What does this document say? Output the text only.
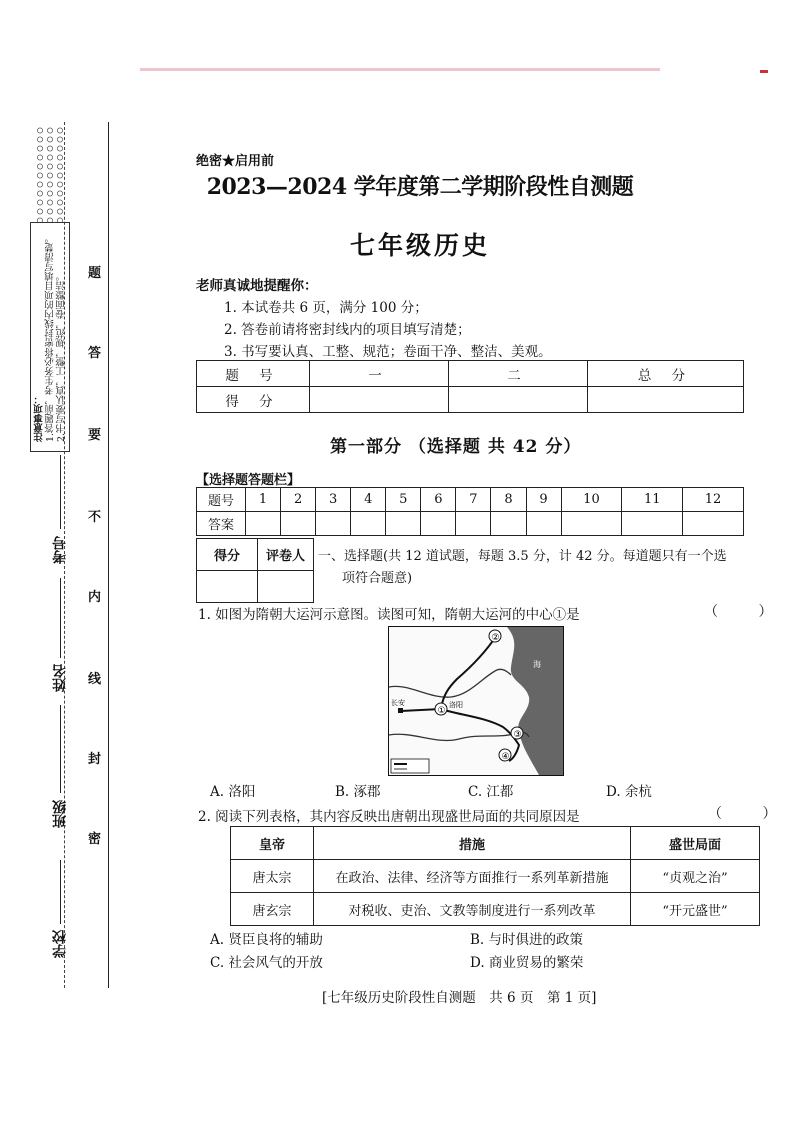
注意事项：
1.答题前，考生务必将密封线内的项目填写清楚。
2.书写要认真，工整，规范，卷面整洁。
学校
班级
姓名
考号
密
封
线
内
不
要
答
题
绝密★启用前
2023—2024 学年度第二学期阶段性自测题
七年级历史
老师真诚地提醒你：
1. 本试卷共 6 页，满分 100 分；
2. 答卷前请将密封线内的项目填写清楚；
3. 书写要认真、工整、规范；卷面干净、整洁、美观。
题 号	一	二	总 分
得 分			
第一部分 （选择题 共 42 分）
【选择题答题栏】
题号	1	2	3	4	5	6	7	8	9	10	11	12
答案												
得分	评卷人
	一、选择题(共 12 道试题，每题 3.5 分，计 42 分。每道题只有一个选
项符合题意)
1. 如图为隋朝大运河示意图。读图可知，隋朝大运河的中心①是	（ ）
①
②
③
④
长安	洛阳
海
A. 洛阳	B. 涿郡	C. 江都	D. 余杭
2. 阅读下列表格，其内容反映出唐朝出现盛世局面的共同原因是	（ ）
皇帝	措施	盛世局面
唐太宗	在政治、法律、经济等方面推行一系列革新措施	“贞观之治”
唐玄宗	对税收、吏治、文教等制度进行一系列改革	“开元盛世”
A. 贤臣良将的辅助	B. 与时俱进的政策
C. 社会风气的开放	D. 商业贸易的繁荣
[七年级历史阶段性自测题　共 6 页　第 1 页]
